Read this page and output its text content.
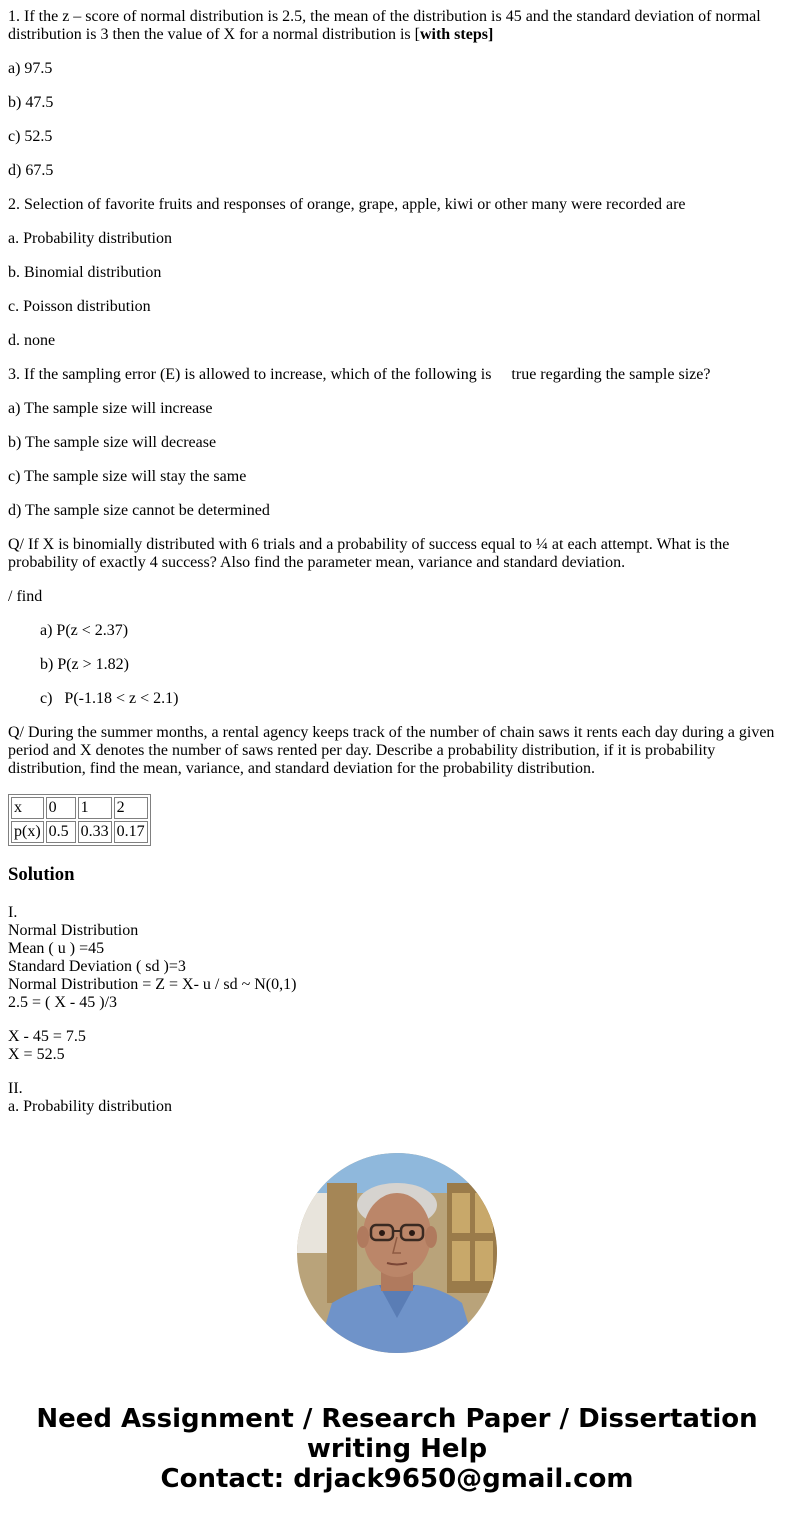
1. If the z – score of normal distribution is 2.5, the mean of the distribution is 45 and the standard deviation of normal distribution is 3 then the value of X for a normal distribution is [with steps]

a) 97.5

b) 47.5

c) 52.5

d) 67.5

2. Selection of favorite fruits and responses of orange, grape, apple, kiwi or other many were recorded are

a. Probability distribution

b. Binomial distribution

c. Poisson distribution

d. none

3. If the sampling error (E) is allowed to increase, which of the following is     true regarding the sample size?

a) The sample size will increase

b) The sample size will decrease

c) The sample size will stay the same

d) The sample size cannot be determined

Q/ If X is binomially distributed with 6 trials and a probability of success equal to ¼ at each attempt. What is the probability of exactly 4 success? Also find the parameter mean, variance and standard deviation.

/ find

a) P(z < 2.37)

b) P(z > 1.82)

c)   P(-1.18 < z < 2.1)

Q/ During the summer months, a rental agency keeps track of the number of chain saws it rents each day during a given period and X denotes the number of saws rented per day. Describe a probability distribution, if it is probability distribution, find the mean, variance, and standard deviation for the probability distribution.

x	0	1	2
p(x)	0.5	0.33	0.17
Solution
I.
Normal Distribution
Mean ( u ) =45
Standard Deviation ( sd )=3
Normal Distribution = Z = X- u / sd ~ N(0,1)
2.5 = ( X - 45 )/3
X - 45 = 7.5
X = 52.5
II.
a. Probability distribution
Need Assignment / Research Paper / Dissertation
writing Help
Contact: drjack9650@gmail.com
